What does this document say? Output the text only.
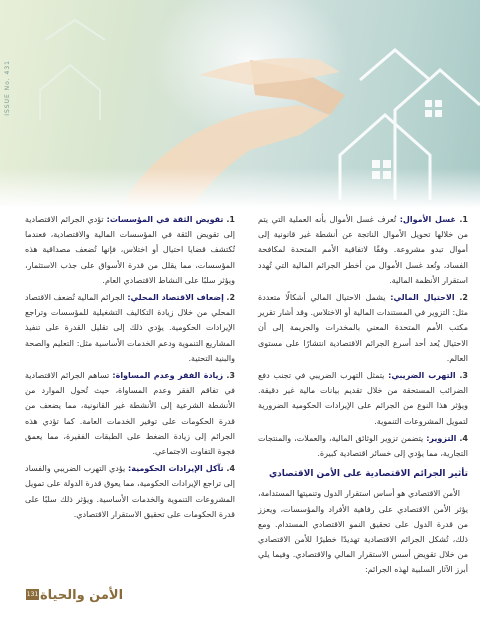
ISSUE No. 431
1. غسل الأموال: تُعرف غسل الأموال بأنه العملية التي يتم من خلالها تحويل الأموال الناتجة عن أنشطة غير قانونية إلى أموال تبدو مشروعة. وفقًا لاتفاقية الأمم المتحدة لمكافحة الفساد، وتُعد غسل الأموال من أخطر الجرائم المالية التي تُهدد استقرار الأنظمة المالية.
2. الاحتيال المالي: يشمل الاحتيال المالي أشكالًا متعددة مثل: التزوير في المستندات المالية أو الاختلاس. وقد أشار تقرير مكتب الأمم المتحدة المعني بالمخدرات والجريمة إلى أن الاحتيال يُعد أحد أسرع الجرائم الاقتصادية انتشارًا على مستوى العالم.
3. التهرب الضريبي: يتمثل التهرب الضريبي في تجنب دفع الضرائب المستحقة من خلال تقديم بيانات مالية غير دقيقة. ويؤثر هذا النوع من الجرائم على الإيرادات الحكومية الضرورية لتمويل المشروعات التنموية.
4. التزوير: يتضمن تزوير الوثائق المالية، والعملات، والمنتجات التجارية، مما يؤدي إلى خسائر اقتصادية كبيرة.
تأثير الجرائم الاقتصادية على الأمن الاقتصادي

الأمن الاقتصادي هو أساس استقرار الدول وتنميتها المستدامة، يؤثر الأمن الاقتصادي على رفاهية الأفراد والمؤسسات، ويعزز من قدرة الدول على تحقيق النمو الاقتصادي المستدام. ومع ذلك، تُشكل الجرائم الاقتصادية تهديدًا خطيرًا للأمن الاقتصادي من خلال تقويض أسس الاستقرار المالي والاقتصادي. وفيما يلي أبرز الآثار السلبية لهذه الجرائم:

1. تقويض الثقة في المؤسسات: تؤدي الجرائم الاقتصادية إلى تقويض الثقة في المؤسسات المالية والاقتصادية، فعندما تُكتشف قضايا احتيال أو اختلاس، فإنها تُضعف مصداقية هذه المؤسسات، مما يقلل من قدرة الأسواق على جذب الاستثمار، ويؤثر سلبًا على النشاط الاقتصادي العام.
2. إضعاف الاقتصاد المحلي: الجرائم المالية تُضعف الاقتصاد المحلي من خلال زيادة التكاليف التشغيلية للمؤسسات وتراجع الإيرادات الحكومية. يؤدي ذلك إلى تقليل القدرة على تنفيذ المشاريع التنموية ودعم الخدمات الأساسية مثل: التعليم والصحة والبنية التحتية.
3. زيادة الفقر وعدم المساواة: تساهم الجرائم الاقتصادية في تفاقم الفقر وعدم المساواة، حيث تُحول الموارد من الأنشطة الشرعية إلى الأنشطة غير القانونية، مما يضعف من قدرة الحكومات على توفير الخدمات العامة. كما تؤدي هذه الجرائم إلى زيادة الضغط على الطبقات الفقيرة، مما يعمق فجوة التفاوت الاجتماعي.
4. تآكل الإيرادات الحكومية: يؤدي التهرب الضريبي والفساد إلى تراجع الإيرادات الحكومية، مما يعوق قدرة الدولة على تمويل المشروعات التنموية والخدمات الأساسية. ويؤثر ذلك سلبًا على قدرة الحكومات على تحقيق الاستقرار الاقتصادي.
131 الأمن والحياة
